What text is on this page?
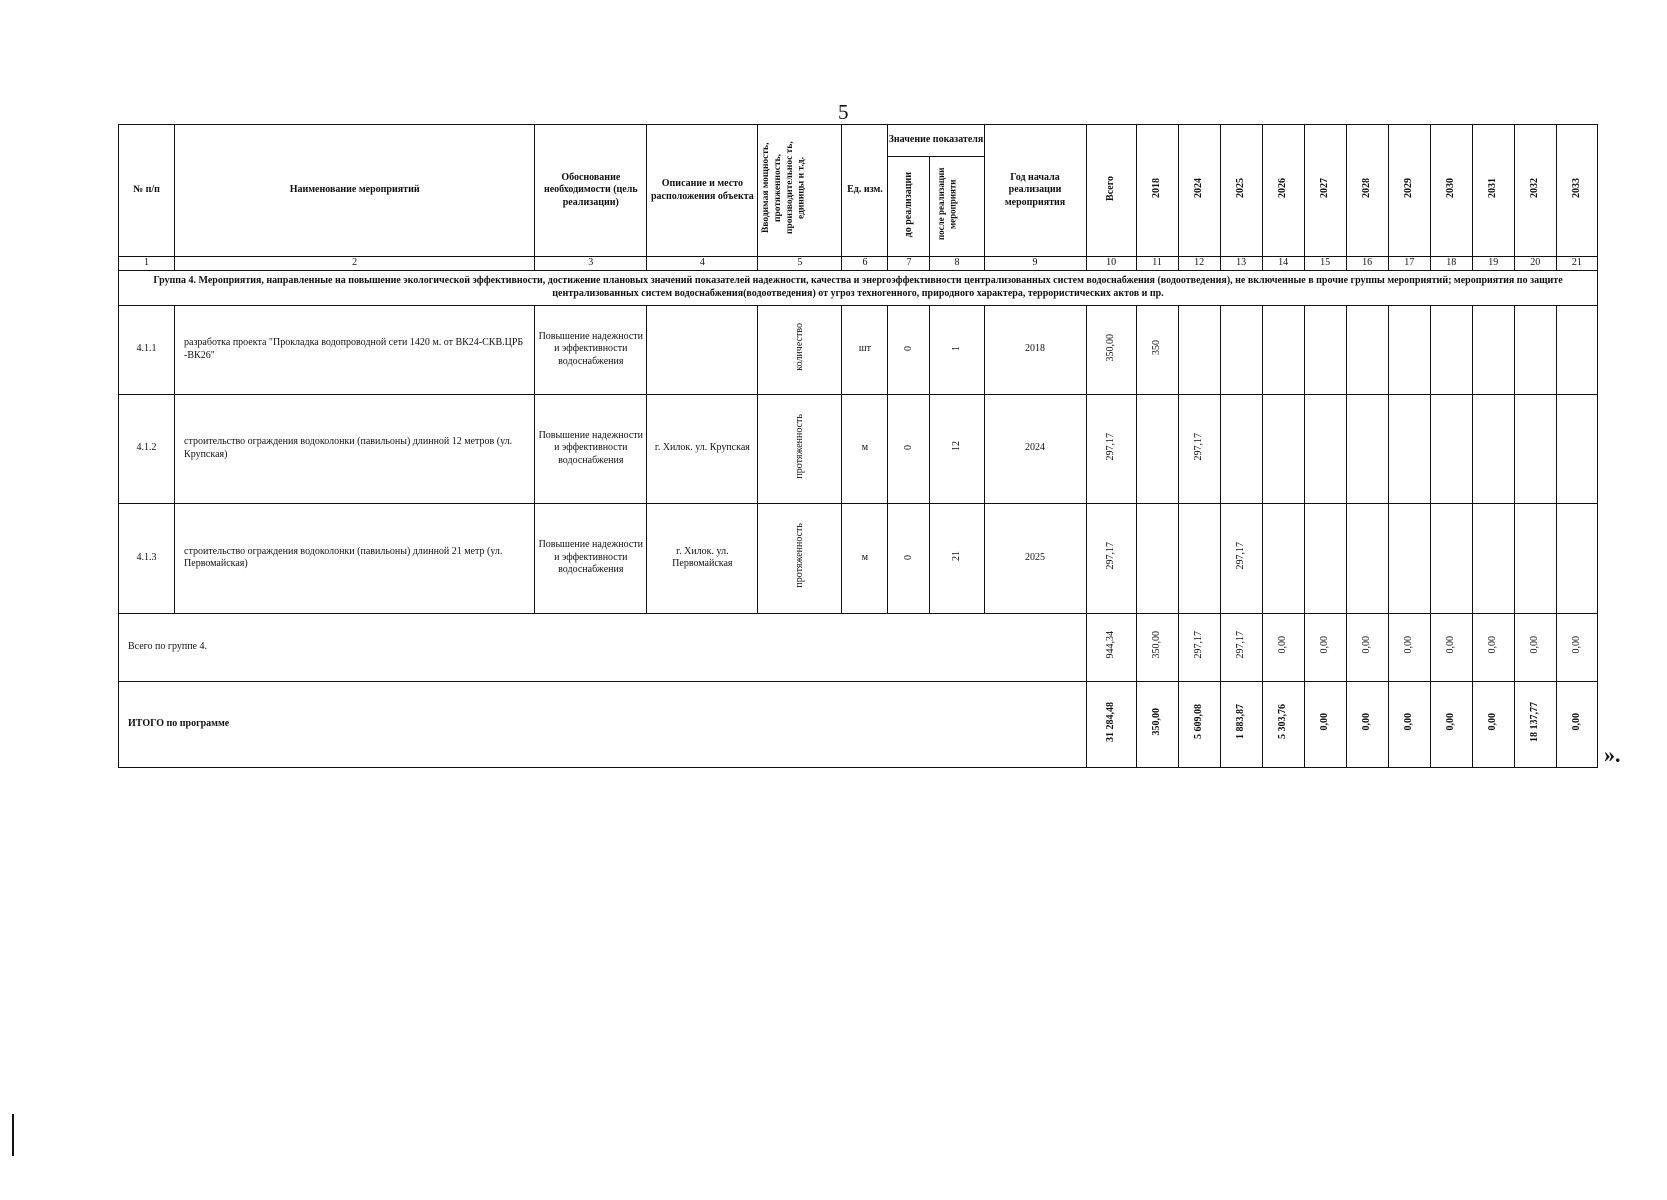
5
№ п/п	Наименование мероприятий	Обоснование необходимости (цель реализации)	Описание и место расположения объекта	Вводимая мощность, протяженность, производительнос ть, единицы и т.д.	Ед. изм.	Значение показателя		Год начала реализации мероприятия	Всего	2018	2024	2025	2026	2027	2028	2029	2030	2031	2032	2033
						до реализации	после реализации мероприяти													
1	2	3	4	5	6	7	8	9	10	11	12	13	14	15	16	17	18	19	20	21
Группа 4. Мероприятия, направленные на повышение экологической эффективности, достижение плановых значений показателей надежности, качества и энергоэффективности централизованных систем водоснабжения (водоотведения), не включенные в прочие группы мероприятий; мероприятия по защите централизованных систем водоснабжения(водоотведения) от угроз техногенного, природного характера, террористических актов и пр.																				
4.1.1	разработка проекта "Прокладка водопроводной сети 1420 м. от ВК24-СКВ.ЦРБ -ВК26"	Повышение надежности и эффективности водоснабжения		количество	шт	0	1	2018	350,00	350										
4.1.2	строительство ограждения водоколонки (павильоны) длинной 12 метров (ул. Крупская)	Повышение надежности и эффективности водоснабжения	г. Хилок. ул. Крупская	протяженность	м	0	12	2024	297,17		297,17									
4.1.3	строительство ограждения водоколонки (павильоны) длинной 21 метр (ул. Первомайская)	Повышение надежности и эффективности водоснабжения	г. Хилок. ул. Первомайская	протяженность	м	0	21	2025	297,17			297,17								
Всего по группе 4.									944,34	350,00	297,17	297,17	0,00	0,00	0,00	0,00	0,00	0,00	0,00	0,00
ИТОГО по программе									31 284,48	350,00	5 609,08	1 883,87	5 303,76	0,00	0,00	0,00	0,00	0,00	18 137,77	0,00
».
